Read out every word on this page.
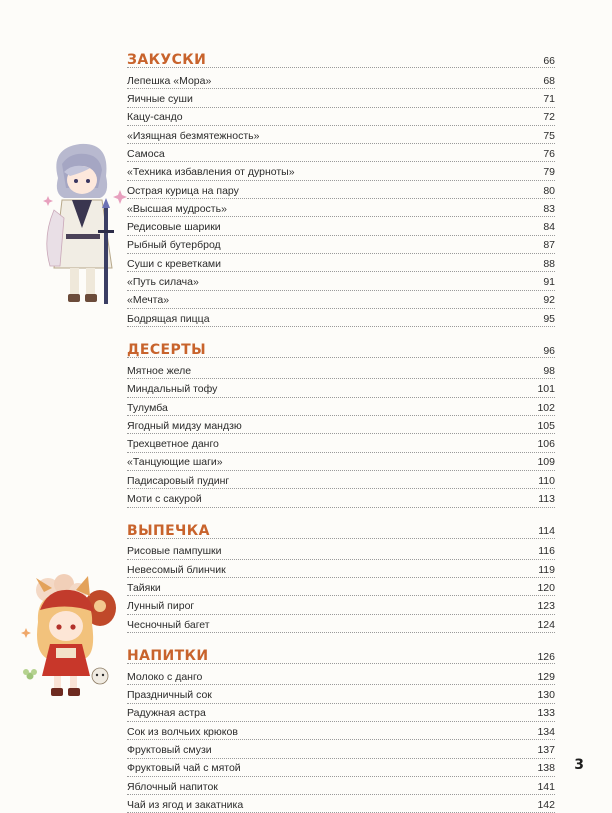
ЗАКУСКИ	66
Лепешка «Мора»	68
Яичные суши	71
Кацу-сандо	72
«Изящная безмятежность»	75
Самоса	76
«Техника избавления от дурноты»	79
Острая курица на пару	80
«Высшая мудрость»	83
Редисовые шарики	84
Рыбный бутерброд	87
Суши с креветками	88
«Путь силача»	91
«Мечта»	92
Бодрящая пицца	95
ДЕСЕРТЫ	96
Мятное желе	98
Миндальный тофу	101
Тулумба	102
Ягодный мидзу мандзю	105
Трехцветное данго	106
«Танцующие шаги»	109
Падисаровый пудинг	110
Моти с сакурой	113
ВЫПЕЧКА	114
Рисовые пампушки	116
Невесомый блинчик	119
Тайяки	120
Лунный пирог	123
Чесночный багет	124
НАПИТКИ	126
Молоко с данго	129
Праздничный сок	130
Радужная астра	133
Сок из волчьих крюков	134
Фруктовый смузи	137
Фруктовый чай с мятой	138
Яблочный напиток	141
Чай из ягод и закатника	142
3
